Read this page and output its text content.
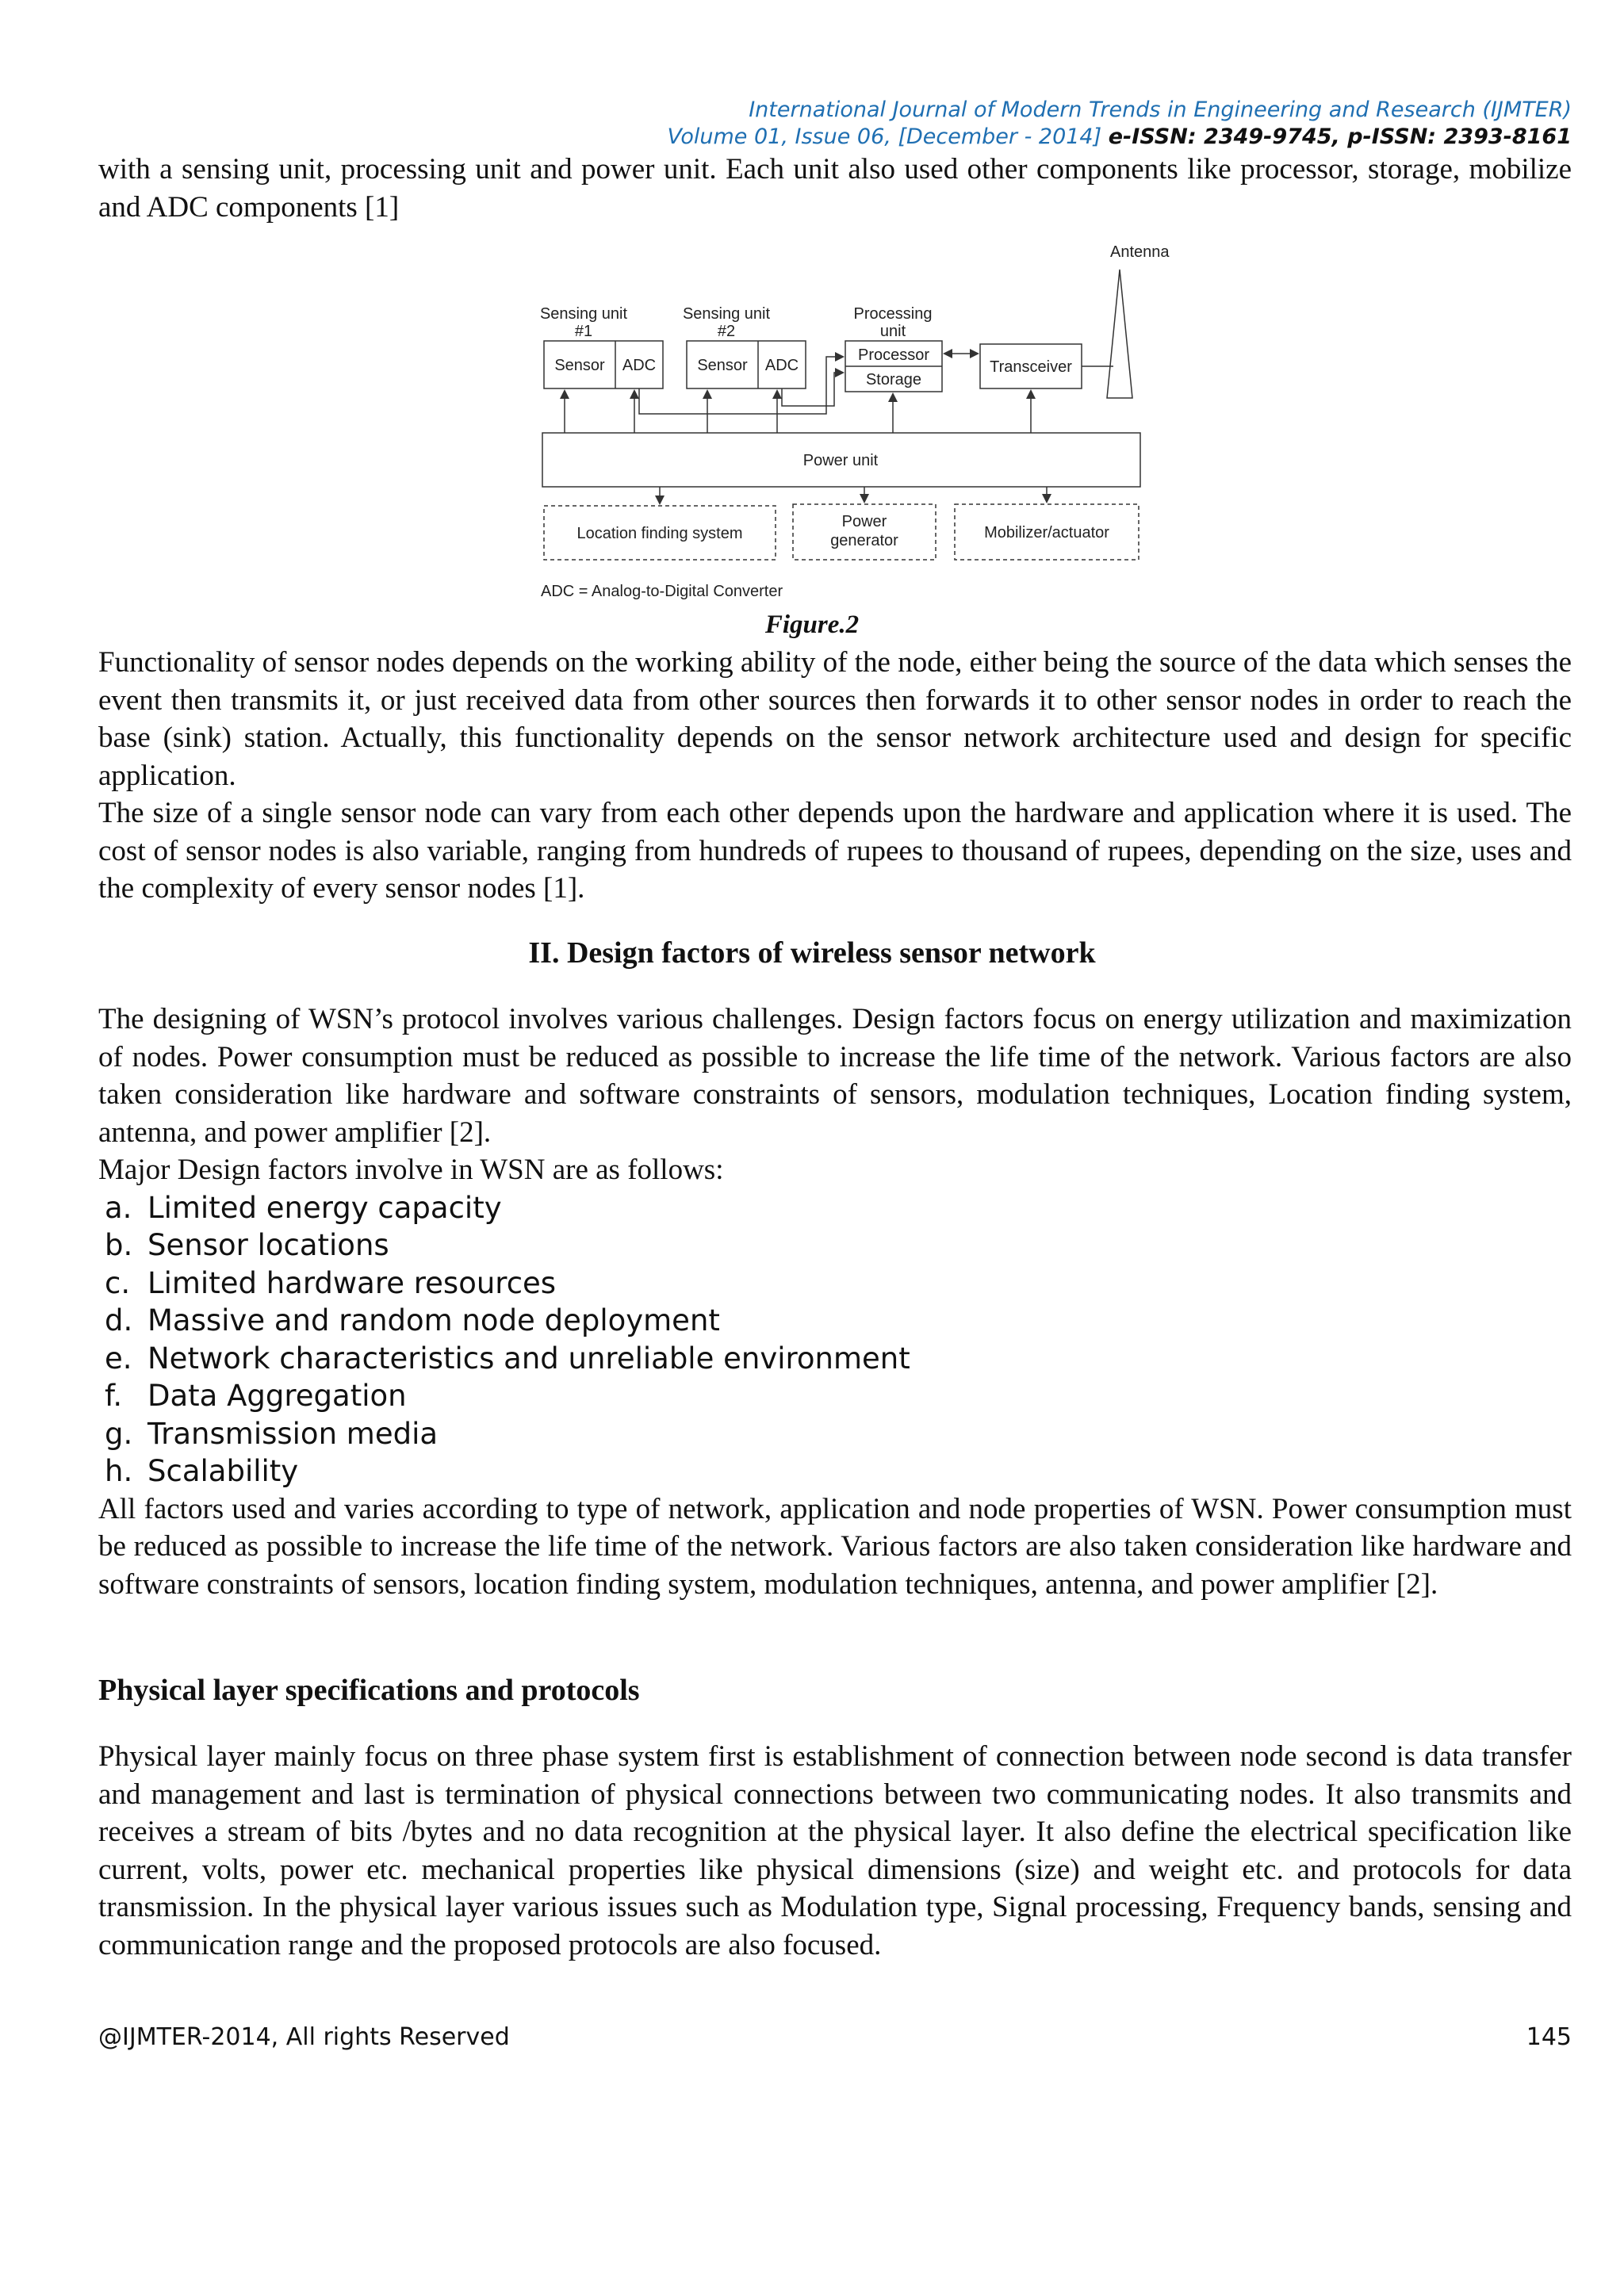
International Journal of Modern Trends in Engineering and Research (IJMTER)
Volume 01, Issue 06, [December - 2014] e-ISSN: 2349-9745, p-ISSN: 2393-8161

with a sensing unit, processing unit and power unit. Each unit also used other components like processor, storage, mobilize and ADC components [1]

Antenna
Sensing unit
#1
Sensing unit
#2
Processing
unit
Sensor ADC	Sensor ADC
Processor
Storage
Transceiver
Power unit
Location finding system
Power
generator	Mobilizer/actuator
ADC = Analog-to-Digital Converter
Figure.2

Functionality of sensor nodes depends on the working ability of the node, either being the source of the data which senses the event then transmits it, or just received data from other sources then forwards it to other sensor nodes in order to reach the base (sink) station. Actually, this functionality depends on the sensor network architecture used and design for specific application.

The size of a single sensor node can vary from each other depends upon the hardware and application where it is used. The cost of sensor nodes is also variable, ranging from hundreds of rupees to thousand of rupees, depending on the size, uses and the complexity of every sensor nodes [1].

II. Design factors of wireless sensor network

The designing of WSN’s protocol involves various challenges. Design factors focus on energy utilization and maximization of nodes. Power consumption must be reduced as possible to increase the life time of the network. Various factors are also taken consideration like hardware and software constraints of sensors, modulation techniques, Location finding system, antenna, and power amplifier [2].

Major Design factors involve in WSN are as follows:

a. Limited energy capacity
b. Sensor locations
c. Limited hardware resources
d. Massive and random node deployment
e. Network characteristics and unreliable environment
f. Data Aggregation
g. Transmission media
h. Scalability

All factors used and varies according to type of network, application and node properties of WSN. Power consumption must be reduced as possible to increase the life time of the network. Various factors are also taken consideration like hardware and software constraints of sensors, location finding system, modulation techniques, antenna, and power amplifier [2].

Physical layer specifications and protocols

Physical layer mainly focus on three phase system first is establishment of connection between node second is data transfer and management and last is termination of physical connections between two communicating nodes. It also transmits and receives a stream of bits /bytes and no data recognition at the physical layer. It also define the electrical specification like current, volts, power etc. mechanical properties like physical dimensions (size) and weight etc. and protocols for data transmission. In the physical layer various issues such as Modulation type, Signal processing, Frequency bands, sensing and communication range and the proposed protocols are also focused.

@IJMTER-2014, All rights Reserved	145
